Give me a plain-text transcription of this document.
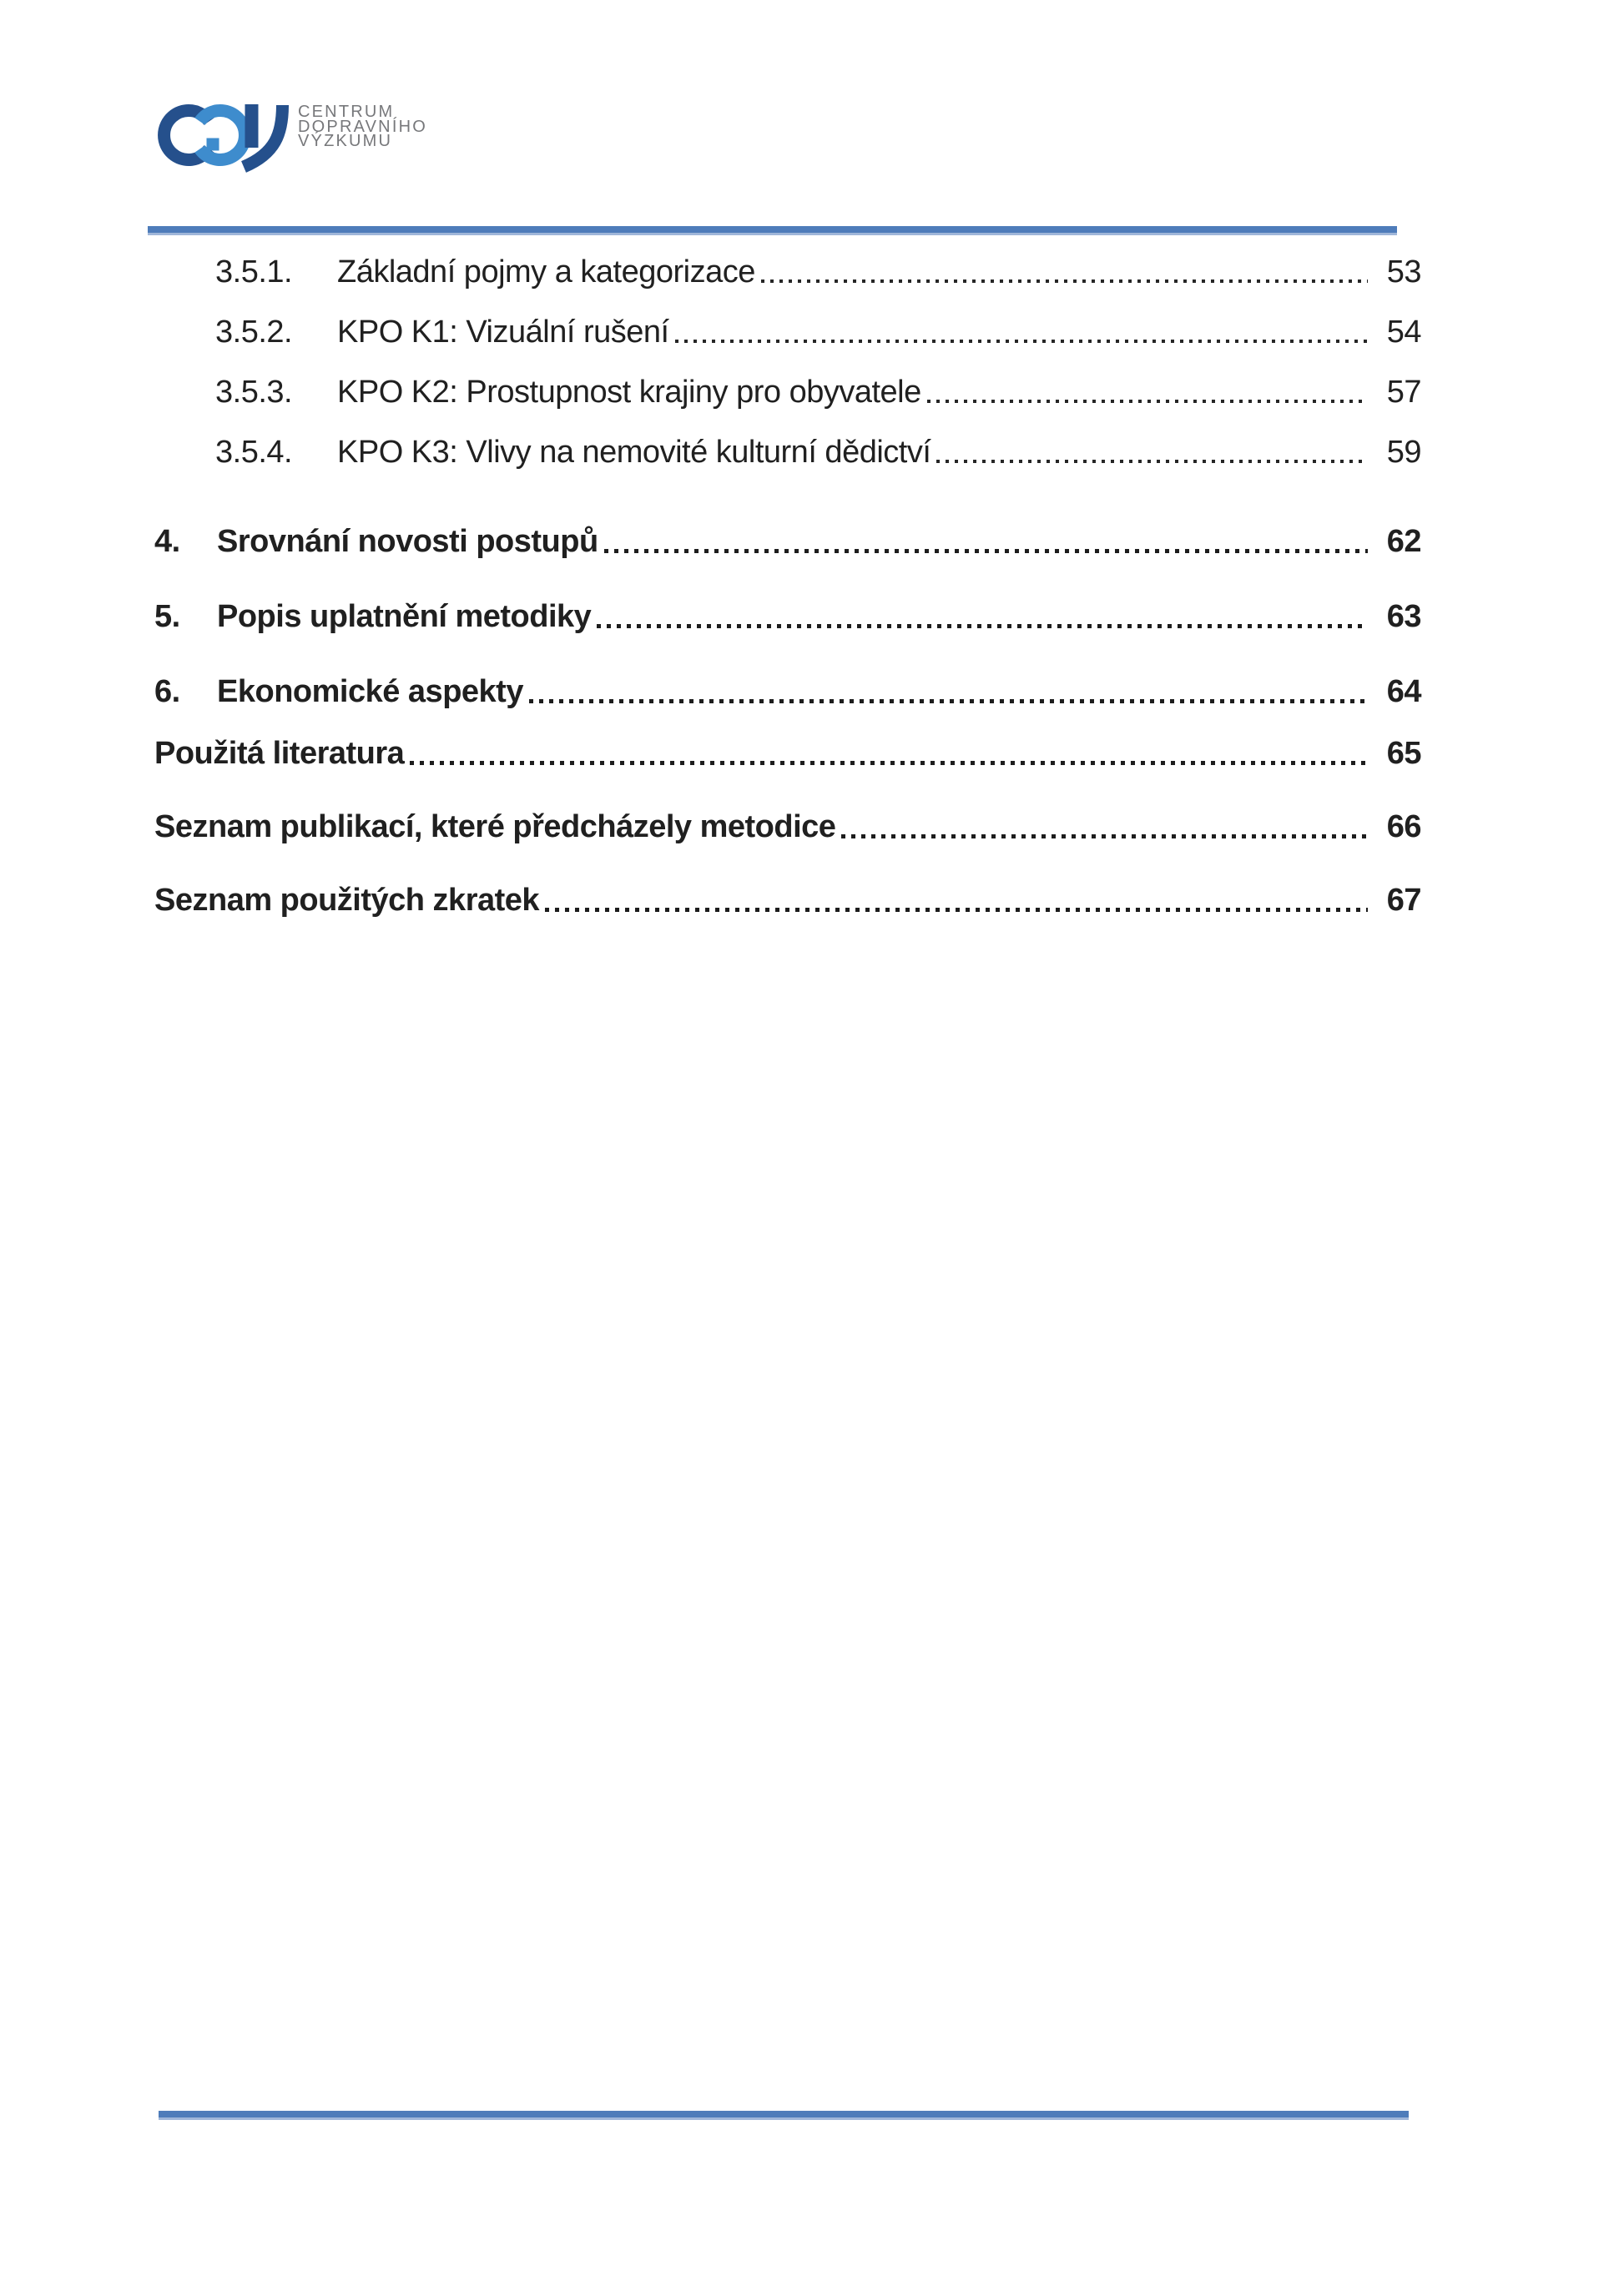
CENTRUM
DOPRAVNÍHO
VÝZKUMU
3.5.1.	Základní pojmy a kategorizace	53
3.5.2.	KPO K1: Vizuální rušení	54
3.5.3.	KPO K2: Prostupnost krajiny pro obyvatele	57
3.5.4.	KPO K3: Vlivy na nemovité kulturní dědictví	59
4.	Srovnání novosti postupů	62
5.	Popis uplatnění metodiky	63
6.	Ekonomické aspekty	64
Použitá literatura	65
Seznam publikací, které předcházely metodice	66
Seznam použitých zkratek	67
